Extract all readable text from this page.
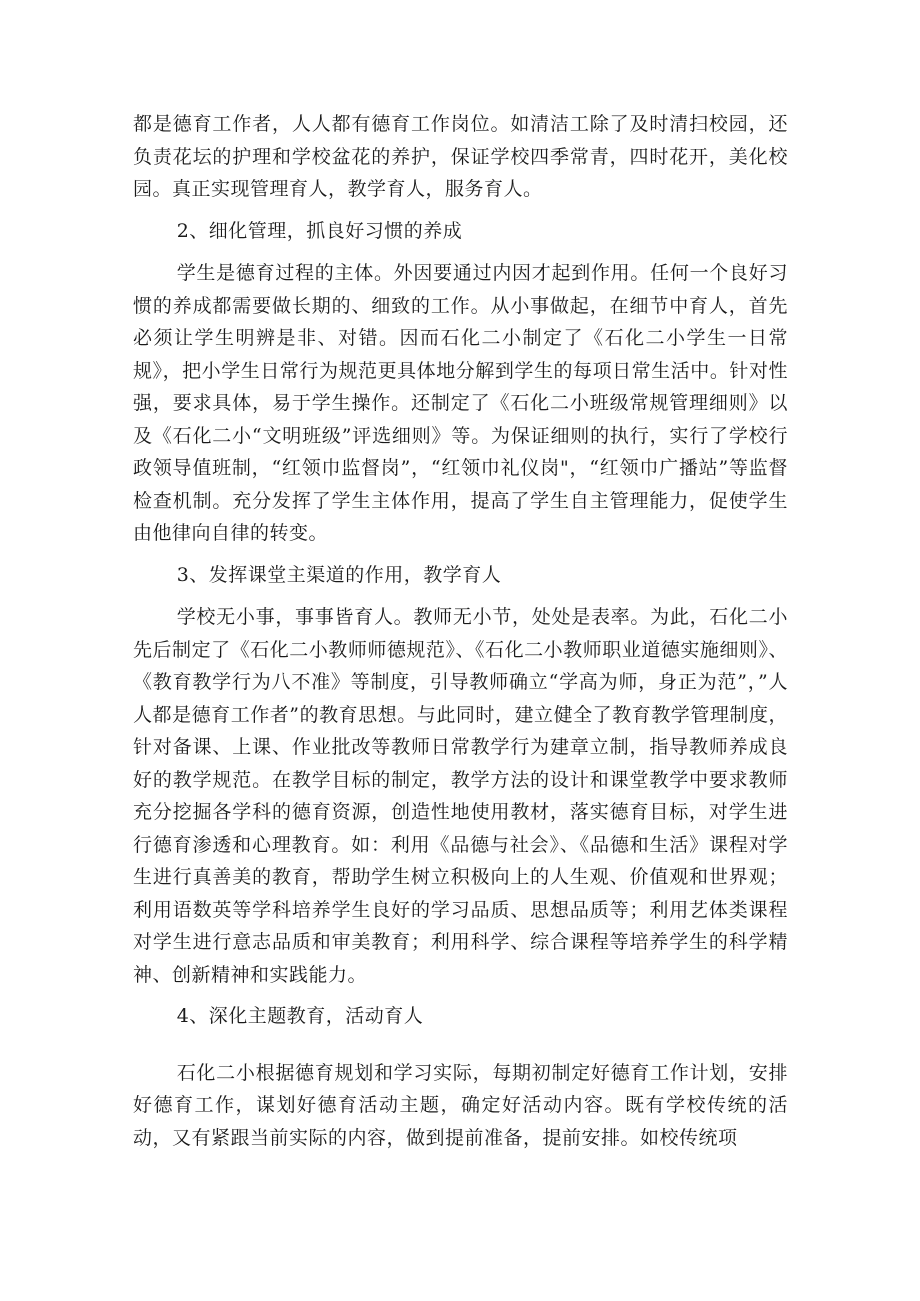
都是德育工作者，人人都有德育工作岗位。如清洁工除了及时清扫校园，还负责花坛的护理和学校盆花的养护，保证学校四季常青，四时花开，美化校园。真正实现管理育人，教学育人，服务育人。

2、细化管理，抓良好习惯的养成

学生是德育过程的主体。外因要通过内因才起到作用。任何一个良好习惯的养成都需要做长期的、细致的工作。从小事做起，在细节中育人，首先必须让学生明辨是非、对错。因而石化二小制定了《石化二小学生一日常规》，把小学生日常行为规范更具体地分解到学生的每项日常生活中。针对性强，要求具体，易于学生操作。还制定了《石化二小班级常规管理细则》以及《石化二小“文明班级”评选细则》等。为保证细则的执行，实行了学校行政领导值班制，“红领巾监督岗”，“红领巾礼仪岗"，“红领巾广播站”等监督检查机制。充分发挥了学生主体作用，提高了学生自主管理能力，促使学生由他律向自律的转变。

3、发挥课堂主渠道的作用，教学育人

学校无小事，事事皆育人。教师无小节，处处是表率。为此，石化二小先后制定了《石化二小教师师德规范》、《石化二小教师职业道德实施细则》、《教育教学行为八不准》等制度，引导教师确立“学高为师，身正为范”，”人人都是德育工作者”的教育思想。与此同时，建立健全了教育教学管理制度，针对备课、上课、作业批改等教师日常教学行为建章立制，指导教师养成良好的教学规范。在教学目标的制定，教学方法的设计和课堂教学中要求教师充分挖掘各学科的德育资源，创造性地使用教材，落实德育目标，对学生进行德育渗透和心理教育。如：利用《品德与社会》、《品德和生活》课程对学生进行真善美的教育，帮助学生树立积极向上的人生观、价值观和世界观；利用语数英等学科培养学生良好的学习品质、思想品质等；利用艺体类课程对学生进行意志品质和审美教育；利用科学、综合课程等培养学生的科学精神、创新精神和实践能力。

4、深化主题教育，活动育人

石化二小根据德育规划和学习实际，每期初制定好德育工作计划，安排好德育工作，谋划好德育活动主题，确定好活动内容。既有学校传统的活动，又有紧跟当前实际的内容，做到提前准备，提前安排。如校传统项
